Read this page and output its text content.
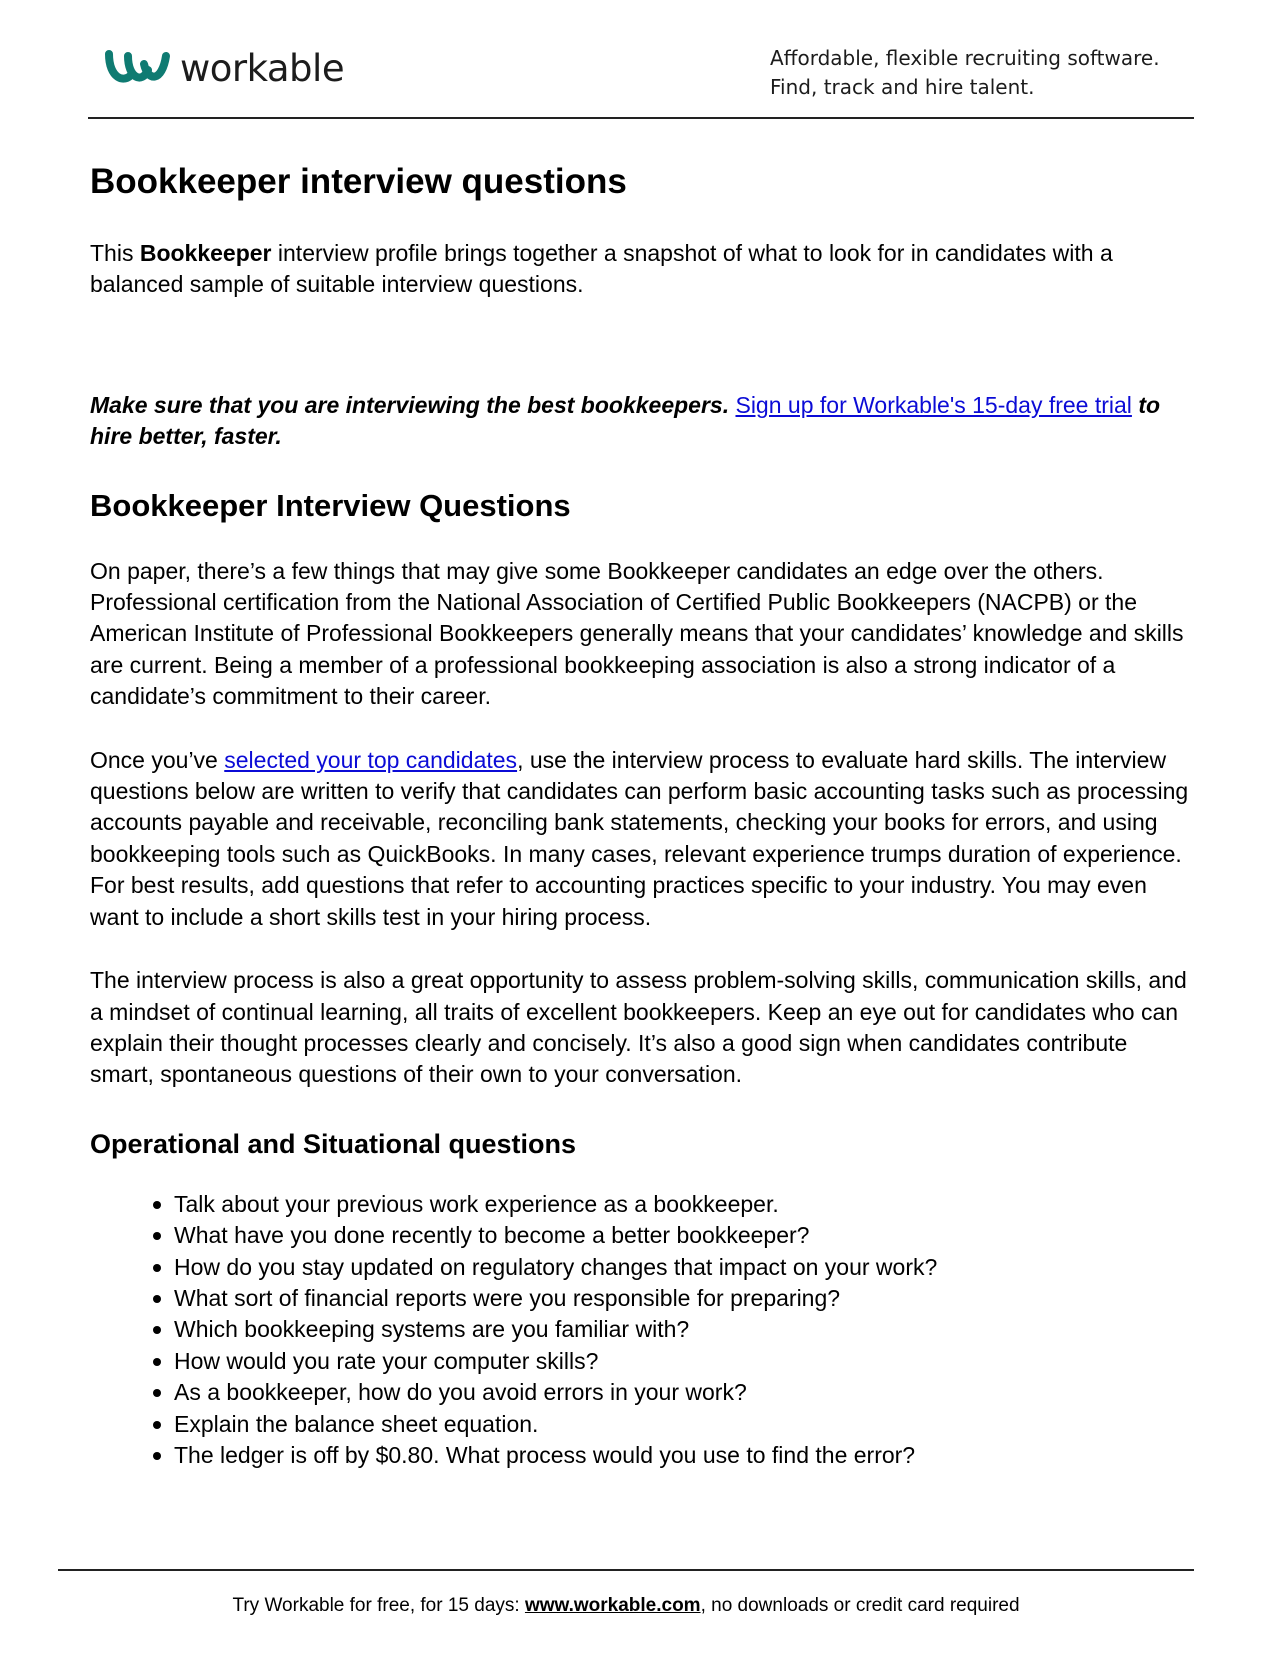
workable	Affordable, flexible recruiting software.
Find, track and hire talent.
Bookkeeper interview questions

This Bookkeeper interview profile brings together a snapshot of what to look for in candidates with a balanced sample of suitable interview questions.

Make sure that you are interviewing the best bookkeepers. Sign up for Workable's 15-day free trial to hire better, faster.

Bookkeeper Interview Questions

On paper, there’s a few things that may give some Bookkeeper candidates an edge over the others. Professional certification from the National Association of Certified Public Bookkeepers (NACPB) or the American Institute of Professional Bookkeepers generally means that your candidates’ knowledge and skills are current. Being a member of a professional bookkeeping association is also a strong indicator of a candidate’s commitment to their career.

Once you’ve selected your top candidates, use the interview process to evaluate hard skills. The interview questions below are written to verify that candidates can perform basic accounting tasks such as processing accounts payable and receivable, reconciling bank statements, checking your books for errors, and using bookkeeping tools such as QuickBooks. In many cases, relevant experience trumps duration of experience. For best results, add questions that refer to accounting practices specific to your industry. You may even want to include a short skills test in your hiring process.

The interview process is also a great opportunity to assess problem-solving skills, communication skills, and a mindset of continual learning, all traits of excellent bookkeepers. Keep an eye out for candidates who can explain their thought processes clearly and concisely. It’s also a good sign when candidates contribute smart, spontaneous questions of their own to your conversation.

Operational and Situational questions
Talk about your previous work experience as a bookkeeper.
What have you done recently to become a better bookkeeper?
How do you stay updated on regulatory changes that impact on your work?
What sort of financial reports were you responsible for preparing?
Which bookkeeping systems are you familiar with?
How would you rate your computer skills?
As a bookkeeper, how do you avoid errors in your work?
Explain the balance sheet equation.
The ledger is off by $0.80. What process would you use to find the error?
Try Workable for free, for 15 days: www.workable.com, no downloads or credit card required
